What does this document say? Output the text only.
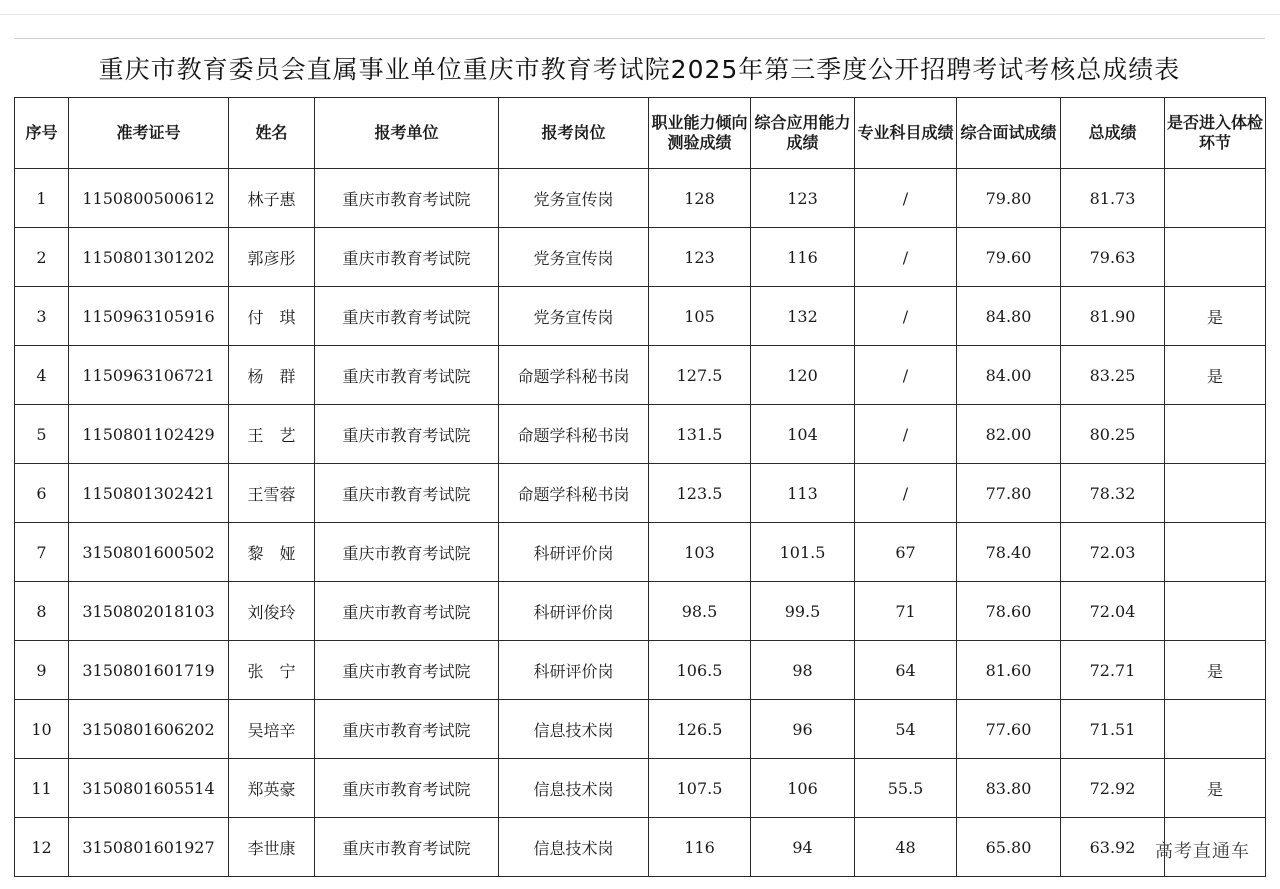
重庆市教育委员会直属事业单位重庆市教育考试院2025年第三季度公开招聘考试考核总成绩表
序号	准考证号	姓名	报考单位	报考岗位	职业能力倾向测验成绩	综合应用能力成绩	专业科目成绩	综合面试成绩	总成绩	是否进入体检环节
1	1150800500612	林子惠	重庆市教育考试院	党务宣传岗	128	123	/	79.80	81.73	
2	1150801301202	郭彦彤	重庆市教育考试院	党务宣传岗	123	116	/	79.60	79.63	
3	1150963105916	付　琪	重庆市教育考试院	党务宣传岗	105	132	/	84.80	81.90	是
4	1150963106721	杨　群	重庆市教育考试院	命题学科秘书岗	127.5	120	/	84.00	83.25	是
5	1150801102429	王　艺	重庆市教育考试院	命题学科秘书岗	131.5	104	/	82.00	80.25	
6	1150801302421	王雪蓉	重庆市教育考试院	命题学科秘书岗	123.5	113	/	77.80	78.32	
7	3150801600502	黎　娅	重庆市教育考试院	科研评价岗	103	101.5	67	78.40	72.03	
8	3150802018103	刘俊玲	重庆市教育考试院	科研评价岗	98.5	99.5	71	78.60	72.04	
9	3150801601719	张　宁	重庆市教育考试院	科研评价岗	106.5	98	64	81.60	72.71	是
10	3150801606202	吴培辛	重庆市教育考试院	信息技术岗	126.5	96	54	77.60	71.51	
11	3150801605514	郑英豪	重庆市教育考试院	信息技术岗	107.5	106	55.5	83.80	72.92	是
12	3150801601927	李世康	重庆市教育考试院	信息技术岗	116	94	48	65.80	63.92	高考直通车
